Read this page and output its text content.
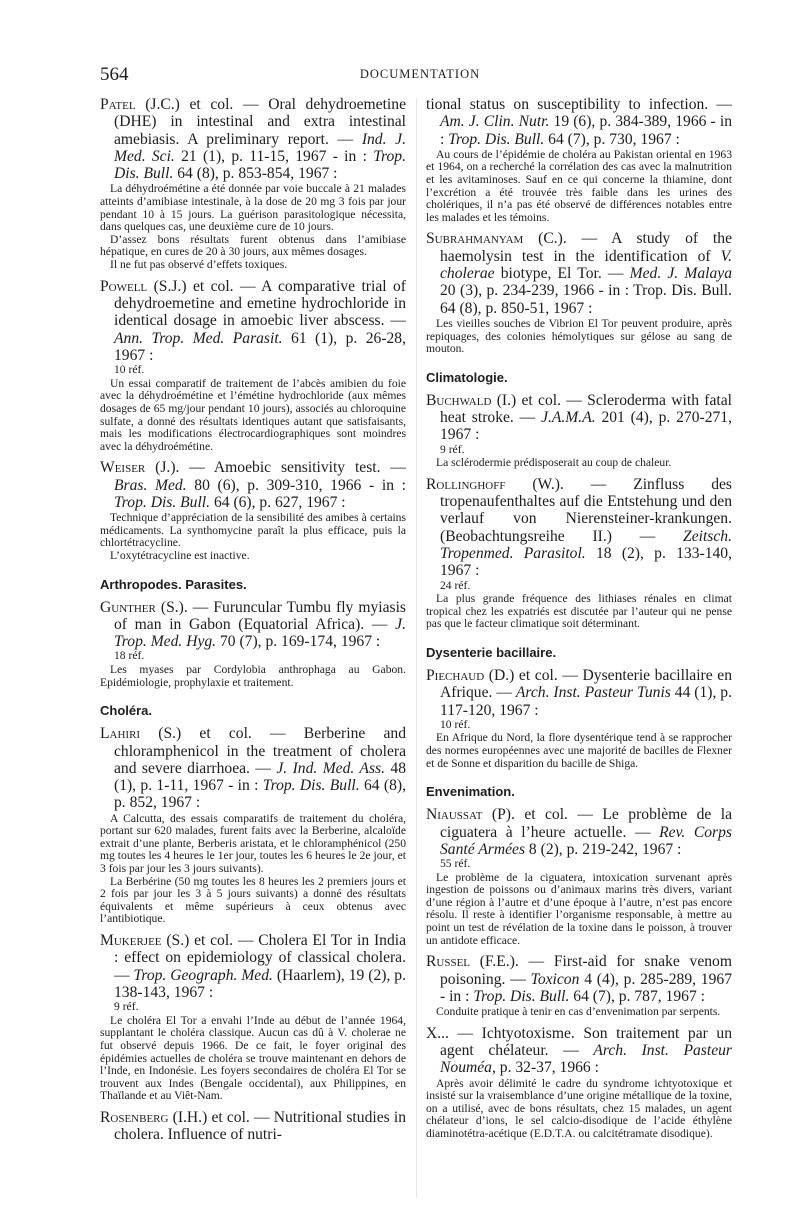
564	DOCUMENTATION

Patel (J.C.) et col. — Oral dehydroemetine (DHE) in intestinal and extra intestinal amebiasis. A preliminary report. — Ind. J. Med. Sci. 21 (1), p. 11-15, 1967 - in : Trop. Dis. Bull. 64 (8), p. 853-854, 1967 :

La déhydroémétine a été donnée par voie buccale à 21 malades atteints d’amibiase intestinale, à la dose de 20 mg 3 fois par jour pendant 10 à 15 jours. La guérison parasitologique nécessita, dans quelques cas, une deuxième cure de 10 jours.

D’assez bons résultats furent obtenus dans l’amibiase hépatique, en cures de 20 à 30 jours, aux mêmes dosages.

Il ne fut pas observé d’effets toxiques.

Powell (S.J.) et col. — A comparative trial of dehydroemetine and emetine hydrochloride in identical dosage in amoebic liver abscess. — Ann. Trop. Med. Parasit. 61 (1), p. 26-28, 1967 :

10 réf.

Un essai comparatif de traitement de l’abcès amibien du foie avec la déhydroémétine et l’émétine hydrochloride (aux mêmes dosages de 65 mg/jour pendant 10 jours), associés au chloroquine sulfate, a donné des résultats identiques autant que satisfaisants, mais les modifications électrocardiographiques sont moindres avec la déhydroémétine.

Weiser (J.). — Amoebic sensitivity test. — Bras. Med. 80 (6), p. 309-310, 1966 - in : Trop. Dis. Bull. 64 (6), p. 627, 1967 :

Technique d’appréciation de la sensibilité des amibes à certains médicaments. La synthomycine paraît la plus efficace, puis la chlortétracycline.

L’oxytétracycline est inactive.

Arthropodes. Parasites.

Gunther (S.). — Furuncular Tumbu fly myiasis of man in Gabon (Equatorial Africa). — J. Trop. Med. Hyg. 70 (7), p. 169-174, 1967 :

18 réf.

Les myases par Cordylobia anthrophaga au Gabon. Epidémiologie, prophylaxie et traitement.

Choléra.

Lahiri (S.) et col. — Berberine and chloramphenicol in the treatment of cholera and severe diarrhoea. — J. Ind. Med. Ass. 48 (1), p. 1-11, 1967 - in : Trop. Dis. Bull. 64 (8), p. 852, 1967 :

A Calcutta, des essais comparatifs de traitement du choléra, portant sur 620 malades, furent faits avec la Berberine, alcaloïde extrait d’une plante, Berberis aristata, et le chloramphénicol (250 mg toutes les 4 heures le 1er jour, toutes les 6 heures le 2e jour, et 3 fois par jour les 3 jours suivants).

La Berbérine (50 mg toutes les 8 heures les 2 premiers jours et 2 fois par jour les 3 à 5 jours suivants) a donné des résultats équivalents et même supérieurs à ceux obtenus avec l’antibiotique.

Mukerjee (S.) et col. — Cholera El Tor in India : effect on epidemiology of classical cholera. — Trop. Geograph. Med. (Haarlem), 19 (2), p. 138-143, 1967 :

9 réf.

Le choléra El Tor a envahi l’Inde au début de l’année 1964, supplantant le choléra classique. Aucun cas dû à V. cholerae ne fut observé depuis 1966. De ce fait, le foyer original des épidémies actuelles de choléra se trouve maintenant en dehors de l’Inde, en Indonésie. Les foyers secondaires de choléra El Tor se trouvent aux Indes (Bengale occidental), aux Philippines, en Thaïlande et au Viêt-Nam.

Rosenberg (I.H.) et col. — Nutritional studies in cholera. Influence of nutri-

tional status on susceptibility to infection. — Am. J. Clin. Nutr. 19 (6), p. 384-389, 1966 - in : Trop. Dis. Bull. 64 (7), p. 730, 1967 :

Au cours de l’épidémie de choléra au Pakistan oriental en 1963 et 1964, on a recherché la corrélation des cas avec la malnutrition et les avitaminoses. Sauf en ce qui concerne la thiamine, dont l’excrétion a été trouvée très faible dans les urines des cholériques, il n’a pas été observé de différences notables entre les malades et les témoins.

Subrahmanyam (C.). — A study of the haemolysin test in the identification of V. cholerae biotype, El Tor. — Med. J. Malaya 20 (3), p. 234-239, 1966 - in : Trop. Dis. Bull. 64 (8), p. 850-51, 1967 :

Les vieilles souches de Vibrion El Tor peuvent produire, après repiquages, des colonies hémolytiques sur gélose au sang de mouton.

Climatologie.

Buchwald (I.) et col. — Scleroderma with fatal heat stroke. — J.A.M.A. 201 (4), p. 270-271, 1967 :

9 réf.

La sclérodermie prédisposerait au coup de chaleur.

Rollinghoff (W.). — Zinfluss des tropenaufenthaltes auf die Entstehung und den verlauf von Nierensteiner-krankungen. (Beobachtungsreihe II.) — Zeitsch. Tropenmed. Parasitol. 18 (2), p. 133-140, 1967 :

24 réf.

La plus grande fréquence des lithiases rénales en climat tropical chez les expatriés est discutée par l’auteur qui ne pense pas que le facteur climatique soit déterminant.

Dysenterie bacillaire.

Piechaud (D.) et col. — Dysenterie bacillaire en Afrique. — Arch. Inst. Pasteur Tunis 44 (1), p. 117-120, 1967 :

10 réf.

En Afrique du Nord, la flore dysentérique tend à se rapprocher des normes européennes avec une majorité de bacilles de Flexner et de Sonne et disparition du bacille de Shiga.

Envenimation.

Niaussat (P). et col. — Le problème de la ciguatera à l’heure actuelle. — Rev. Corps Santé Armées 8 (2), p. 219-242, 1967 :

55 réf.

Le problème de la ciguatera, intoxication survenant après ingestion de poissons ou d’animaux marins très divers, variant d’une région à l’autre et d’une époque à l’autre, n’est pas encore résolu. Il reste à identifier l’organisme responsable, à mettre au point un test de révélation de la toxine dans le poisson, à trouver un antidote efficace.

Russel (F.E.). — First-aid for snake venom poisoning. — Toxicon 4 (4), p. 285-289, 1967 - in : Trop. Dis. Bull. 64 (7), p. 787, 1967 :

Conduite pratique à tenir en cas d’envenimation par serpents.

X... — Ichtyotoxisme. Son traitement par un agent chélateur. — Arch. Inst. Pasteur Nouméa, p. 32-37, 1966 :

Après avoir délimité le cadre du syndrome ichtyotoxique et insisté sur la vraisemblance d’une origine métallique de la toxine, on a utilisé, avec de bons résultats, chez 15 malades, un agent chélateur d’ions, le sel calcio-disodique de l’acide éthylène diaminotétra-acétique (E.D.T.A. ou calcitétramate disodique).
